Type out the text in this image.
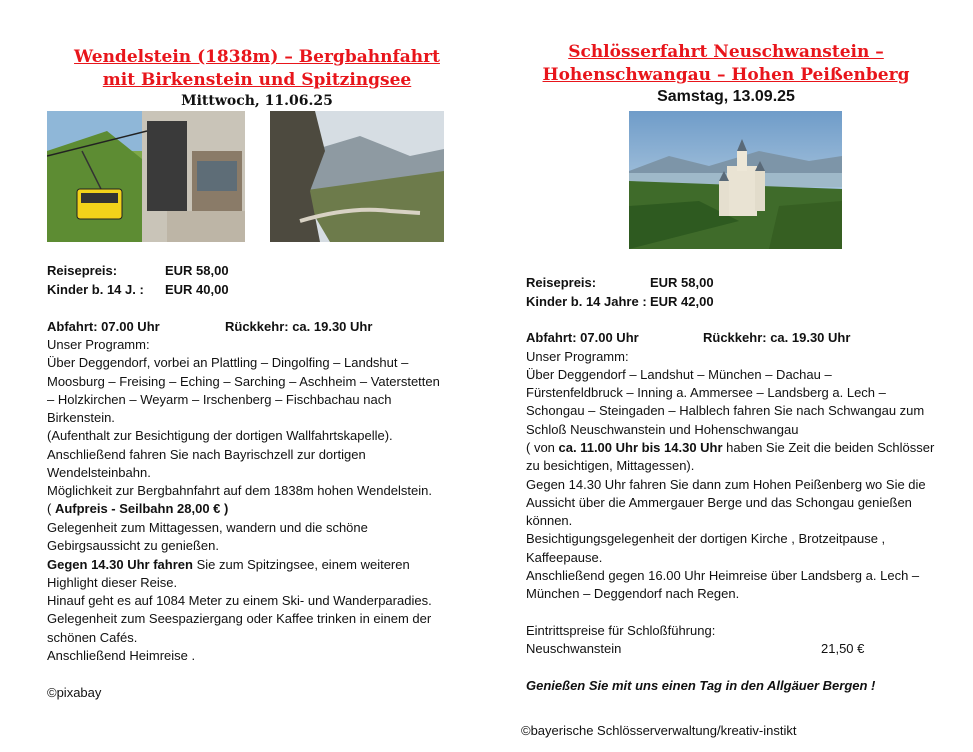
Wendelstein (1838m) – Bergbahnfahrt
mit Birkenstein und Spitzingsee

Mittwoch, 11.06.25
Reisepreis:	EUR 58,00
Kinder b. 14 J. : EUR 40,00
Abfahrt: 07.00 Uhr	Rückkehr: ca. 19.30 Uhr
Unser Programm:
Über Deggendorf, vorbei an Plattling – Dingolfing – Landshut –
Moosburg – Freising – Eching – Sarching – Aschheim – Vaterstetten
– Holzkirchen – Weyarm – Irschenberg – Fischbachau nach
Birkenstein.
(Aufenthalt zur Besichtigung der dortigen Wallfahrtskapelle).
Anschließend fahren Sie nach Bayrischzell zur dortigen
Wendelsteinbahn.
Möglichkeit zur Bergbahnfahrt auf dem 1838m hohen Wendelstein.
( Aufpreis - Seilbahn 28,00 € )
Gelegenheit zum Mittagessen, wandern und die schöne
Gebirgsaussicht zu genießen.
Gegen 14.30 Uhr fahren Sie zum Spitzingsee, einem weiteren
Highlight dieser Reise.
Hinauf geht es auf 1084 Meter zu einem Ski- und Wanderparadies.
Gelegenheit zum Seespaziergang oder Kaffee trinken in einem der
schönen Cafés.
Anschließend Heimreise .
©pixabay

Schlösserfahrt Neuschwanstein –
Hohenschwangau – Hohen Peißenberg

Samstag, 13.09.25
Reisepreis:	EUR 58,00
Kinder b. 14 Jahre : EUR 42,00
Abfahrt: 07.00 Uhr	Rückkehr: ca. 19.30 Uhr
Unser Programm:
Über Deggendorf – Landshut – München – Dachau –
Fürstenfeldbruck – Inning a. Ammersee – Landsberg a. Lech –
Schongau – Steingaden – Halblech fahren Sie nach Schwangau zum
Schloß Neuschwanstein und Hohenschwangau
( von ca. 11.00 Uhr bis 14.30 Uhr haben Sie Zeit die beiden Schlösser
zu besichtigen, Mittagessen).
Gegen 14.30 Uhr fahren Sie dann zum Hohen Peißenberg wo Sie die
Aussicht über die Ammergauer Berge und das Schongau genießen
können.
Besichtigungsgelegenheit der dortigen Kirche , Brotzeitpause ,
Kaffeepause.
Anschließend gegen 16.00 Uhr Heimreise über Landsberg a. Lech –
München – Deggendorf nach Regen.
Eintrittspreise für Schloßführung:
Neuschwanstein	21,50 €
Genießen Sie mit uns einen Tag in den Allgäuer Bergen !
©bayerische Schlösserverwaltung/kreativ-instikt
